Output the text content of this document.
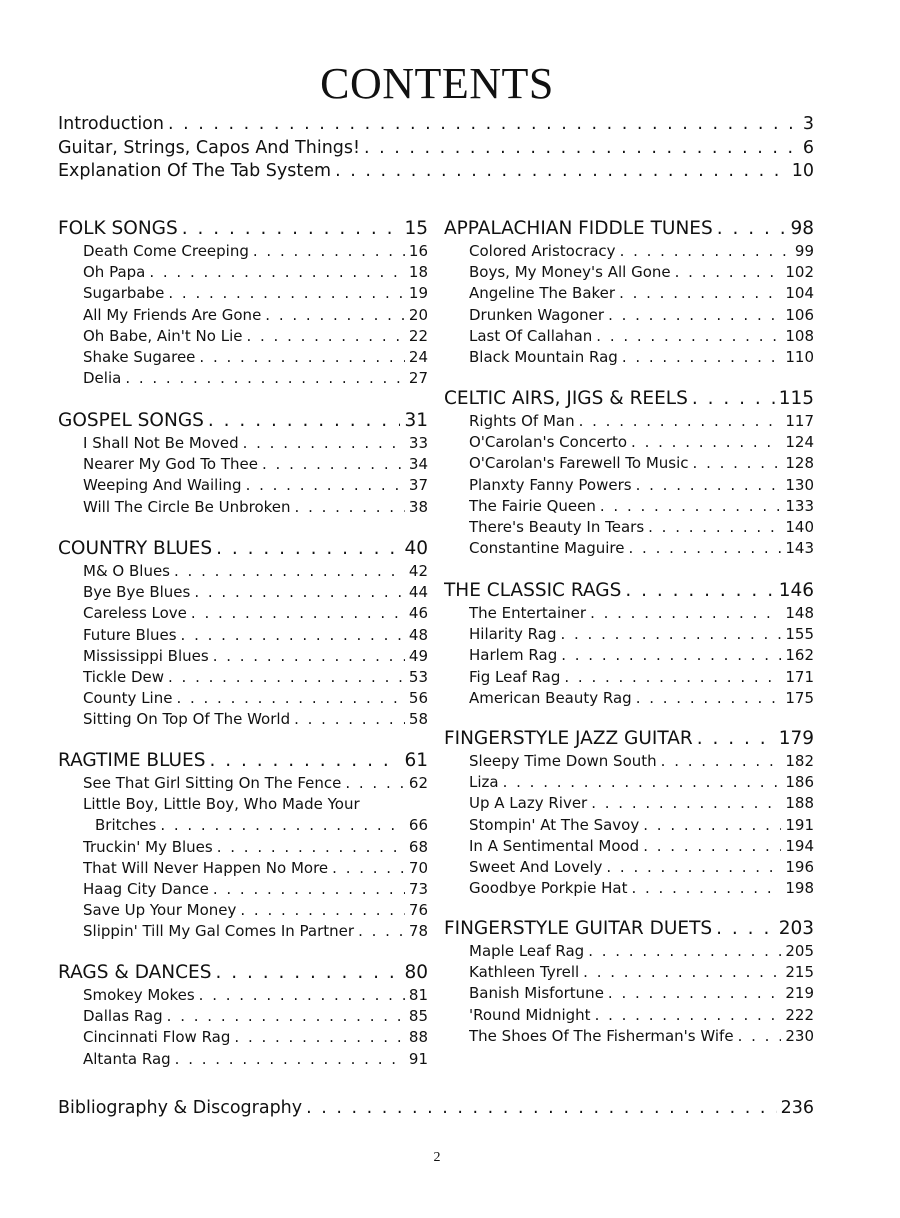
CONTENTS
Introduction . . .	3
Guitar, Strings, Capos And Things! . . .	6
Explanation Of The Tab System . . .	10
FOLK SONGS . . .	15
Death Come Creeping . . .	16
Oh Papa . . .	18
Sugarbabe . . .	19
All My Friends Are Gone . . .	20
Oh Babe, Ain't No Lie . . .	22
Shake Sugaree . . .	24
Delia . . .	27
GOSPEL SONGS . . .	31
I Shall Not Be Moved . . .	33
Nearer My God To Thee . . .	34
Weeping And Wailing . . .	37
Will The Circle Be Unbroken . . .	38
COUNTRY BLUES . . .	40
M& O Blues . . .	42
Bye Bye Blues . . .	44
Careless Love . . .	46
Future Blues . . .	48
Mississippi Blues . . .	49
Tickle Dew . . .	53
County Line . . .	56
Sitting On Top Of The World . . .	58
RAGTIME BLUES . . .	61
See That Girl Sitting On The Fence . . .	62
Little Boy, Little Boy, Who Made Your
Britches . . .	66
Truckin' My Blues . . .	68
That Will Never Happen No More . . .	70
Haag City Dance . . .	73
Save Up Your Money . . .	76
Slippin' Till My Gal Comes In Partner . . .	78
RAGS & DANCES . . .	80
Smokey Mokes . . .	81
Dallas Rag . . .	85
Cincinnati Flow Rag . . .	88
Altanta Rag . . .	91
APPALACHIAN FIDDLE TUNES . . .	98
Colored Aristocracy . . .	99
Boys, My Money's All Gone . . .	102
Angeline The Baker . . .	104
Drunken Wagoner . . .	106
Last Of Callahan . . .	108
Black Mountain Rag . . .	110
CELTIC AIRS, JIGS & REELS . . .	115
Rights Of Man . . .	117
O'Carolan's Concerto . . .	124
O'Carolan's Farewell To Music . . .	128
Planxty Fanny Powers . . .	130
The Fairie Queen . . .	133
There's Beauty In Tears . . .	140
Constantine Maguire . . .	143
THE CLASSIC RAGS . . .	146
The Entertainer . . .	148
Hilarity Rag . . .	155
Harlem Rag . . .	162
Fig Leaf Rag . . .	171
American Beauty Rag . . .	175
FINGERSTYLE JAZZ GUITAR . . .	179
Sleepy Time Down South . . .	182
Liza . . .	186
Up A Lazy River . . .	188
Stompin' At The Savoy . . .	191
In A Sentimental Mood . . .	194
Sweet And Lovely . . .	196
Goodbye Porkpie Hat . . .	198
FINGERSTYLE GUITAR DUETS . . .	203
Maple Leaf Rag . . .	205
Kathleen Tyrell . . .	215
Banish Misfortune . . .	219
'Round Midnight . . .	222
The Shoes Of The Fisherman's Wife . . .	230
Bibliography & Discography . . .	236
2
